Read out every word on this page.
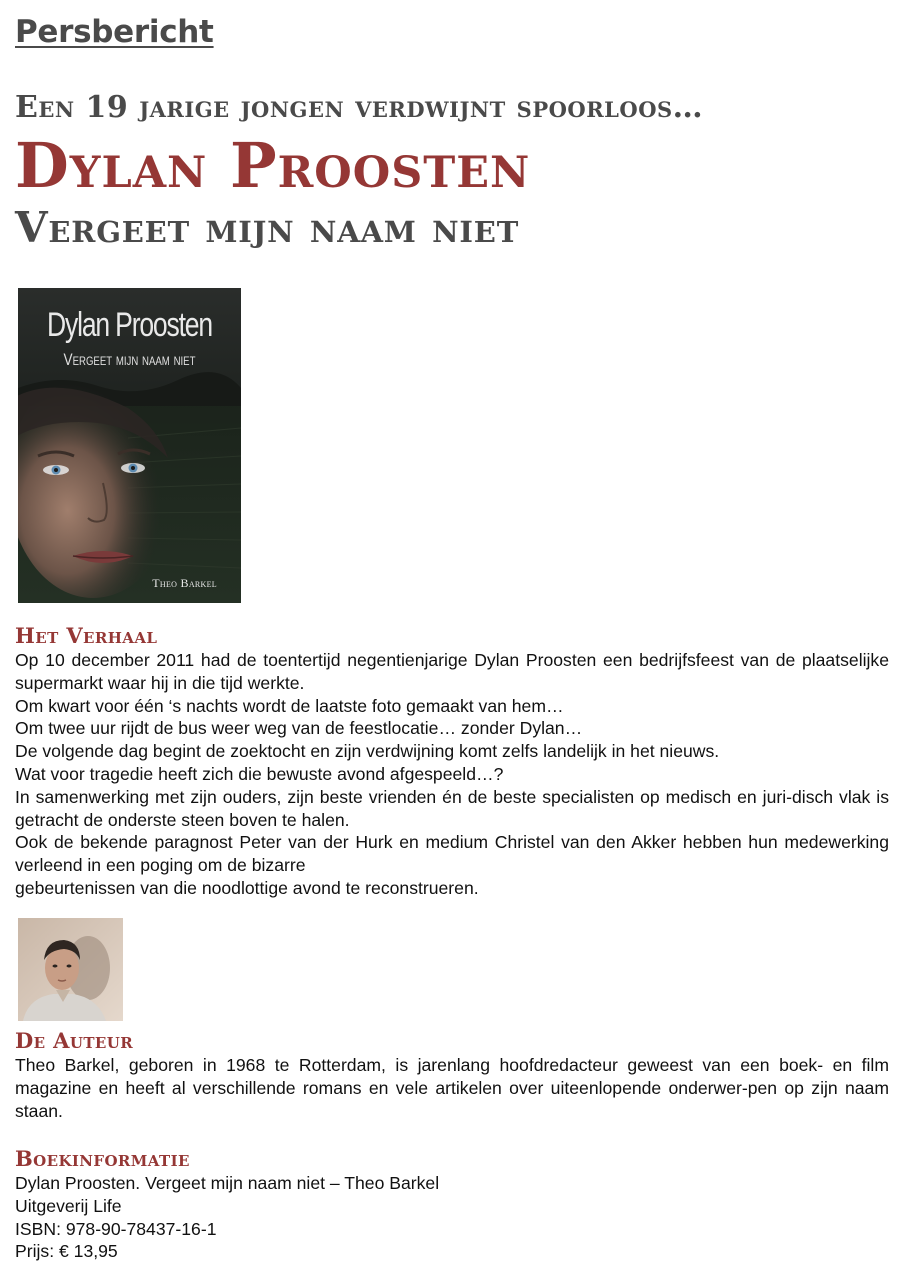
Persbericht
Een 19 jarige jongen verdwijnt spoorloos…
Dylan Proosten
Vergeet mijn naam niet
Dylan Proosten
Vergeet mijn naam niet
Theo Barkel
Het Verhaal

Op 10 december 2011 had de toentertijd negentienjarige Dylan Proosten een bedrijfsfeest van de plaatselijke supermarkt waar hij in die tijd werkte.

Om kwart voor één ‘s nachts wordt de laatste foto gemaakt van hem…

Om twee uur rijdt de bus weer weg van de feestlocatie… zonder Dylan…

De volgende dag begint de zoektocht en zijn verdwijning komt zelfs landelijk in het nieuws.

Wat voor tragedie heeft zich die bewuste avond afgespeeld…?

In samenwerking met zijn ouders, zijn beste vrienden én de beste specialisten op medisch en juri-disch vlak is getracht de onderste steen boven te halen.

Ook de bekende paragnost Peter van der Hurk en medium Christel van den Akker hebben hun medewerking verleend in een poging om de bizarre

gebeurtenissen van die noodlottige avond te reconstrueren.

De Auteur
Theo Barkel, geboren in 1968 te Rotterdam, is jarenlang hoofdredacteur geweest van een boek- en film magazine en heeft al verschillende romans en vele artikelen over uiteenlopende onderwer-pen op zijn naam staan.
Boekinformatie

Dylan Proosten. Vergeet mijn naam niet – Theo Barkel

Uitgeverij Life

ISBN: 978-90-78437-16-1

Prijs: € 13,95
